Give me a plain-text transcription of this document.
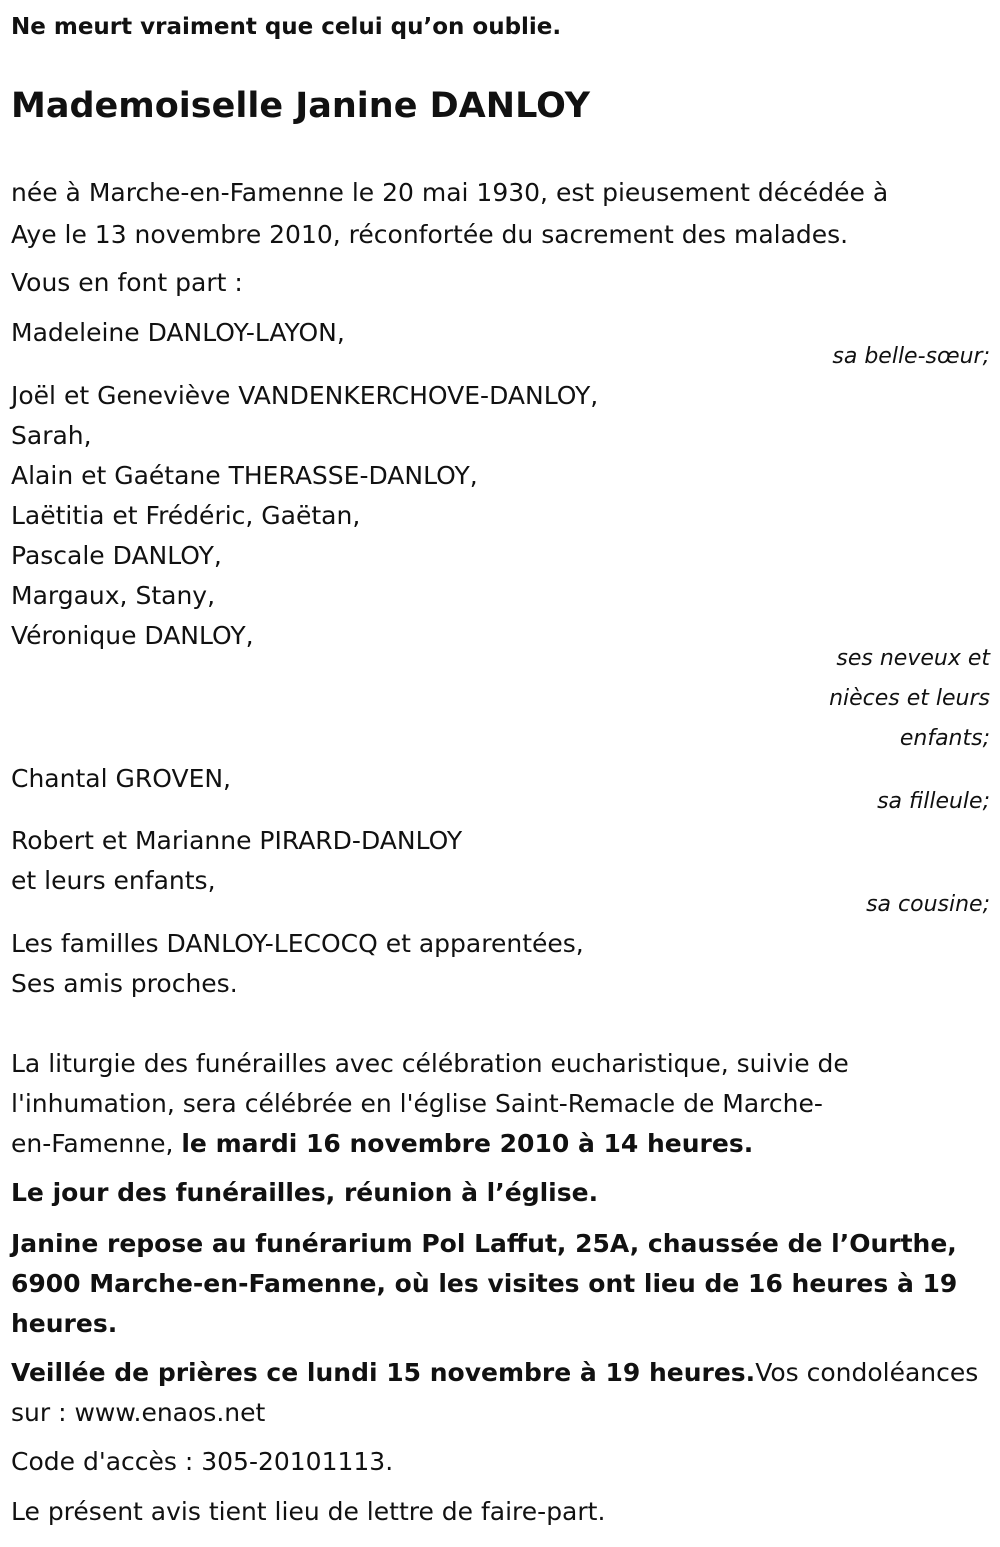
Ne meurt vraiment que celui qu’on oublie.
Mademoiselle Janine DANLOY
née à Marche-en-Famenne le 20 mai 1930, est pieusement décédée à
Aye le 13 novembre 2010, réconfortée du sacrement des malades.
Vous en font part :
Madeleine DANLOY-LAYON,
sa belle-sœur;
Joël et Geneviève VANDENKERCHOVE-DANLOY,
Sarah,
Alain et Gaétane THERASSE-DANLOY,
Laëtitia et Frédéric, Gaëtan,
Pascale DANLOY,
Margaux, Stany,
Véronique DANLOY,
ses neveux et
nièces et leurs
enfants;
Chantal GROVEN,
sa filleule;
Robert et Marianne PIRARD-DANLOY
et leurs enfants,
sa cousine;
Les familles DANLOY-LECOCQ et apparentées,
Ses amis proches.
La liturgie des funérailles avec célébration eucharistique, suivie de
l'inhumation, sera célébrée en l'église Saint-Remacle de Marche-
en-Famenne, le mardi 16 novembre 2010 à 14 heures.
Le jour des funérailles, réunion à l’église.
Janine repose au funérarium Pol Laffut, 25A, chaussée de l’Ourthe,
6900 Marche-en-Famenne, où les visites ont lieu de 16 heures à 19
heures.
Veillée de prières ce lundi 15 novembre à 19 heures.Vos condoléances
sur : www.enaos.net
Code d'accès : 305-20101113.
Le présent avis tient lieu de lettre de faire-part.
